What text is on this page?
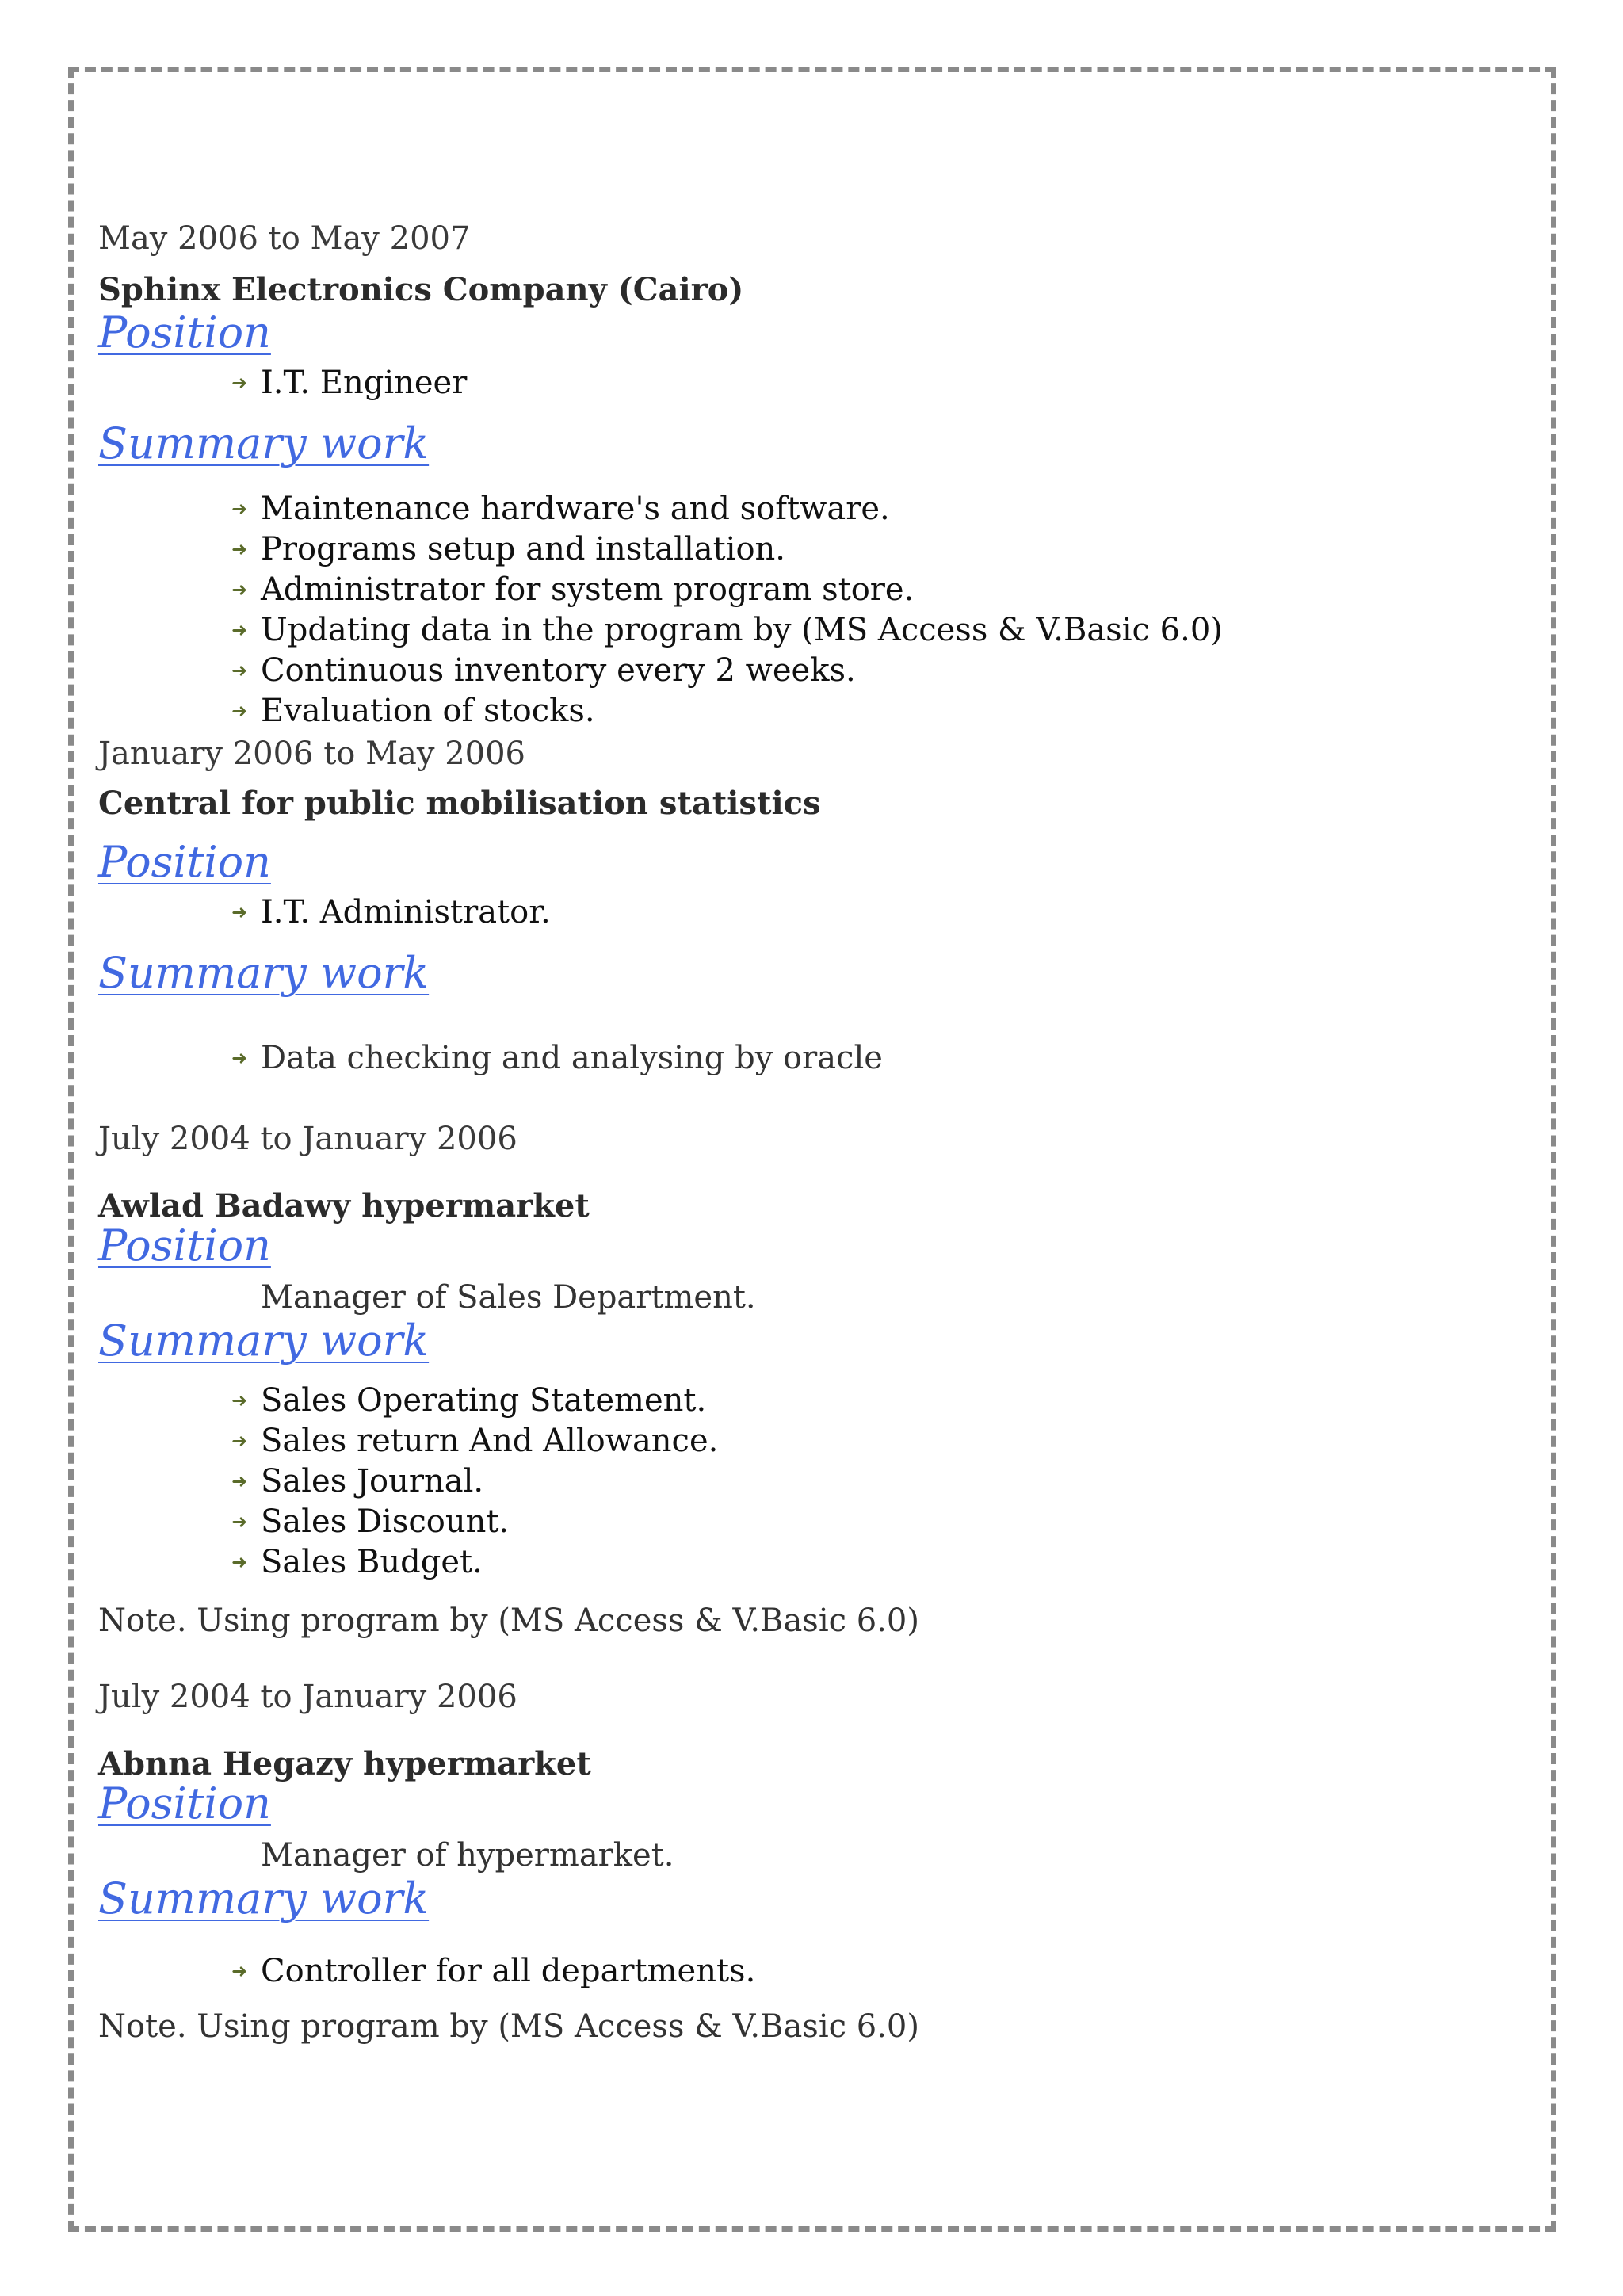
May 2006 to May 2007

Sphinx Electronics Company (Cairo)

Position
➜ I.T. Engineer
Summary work
➜ Maintenance hardware's and software.
➜ Programs setup and installation.
➜ Administrator for system program store.
➜ Updating data in the program by (MS Access & V.Basic 6.0)
➜ Continuous inventory every 2 weeks.
➜ Evaluation of stocks.

January 2006 to May 2006

Central for public mobilisation statistics

Position
➜ I.T. Administrator.
Summary work
➜ Data checking and analysing by oracle

July 2004 to January 2006

Awlad Badawy hypermarket

Position
Manager of Sales Department.
Summary work
➜ Sales Operating Statement.
➜ Sales return And Allowance.
➜ Sales Journal.
➜ Sales Discount.
➜ Sales Budget.

Note. Using program by (MS Access & V.Basic 6.0)

July 2004 to January 2006

Abnna Hegazy hypermarket

Position
Manager of hypermarket.
Summary work
➜ Controller for all departments.

Note. Using program by (MS Access & V.Basic 6.0)
